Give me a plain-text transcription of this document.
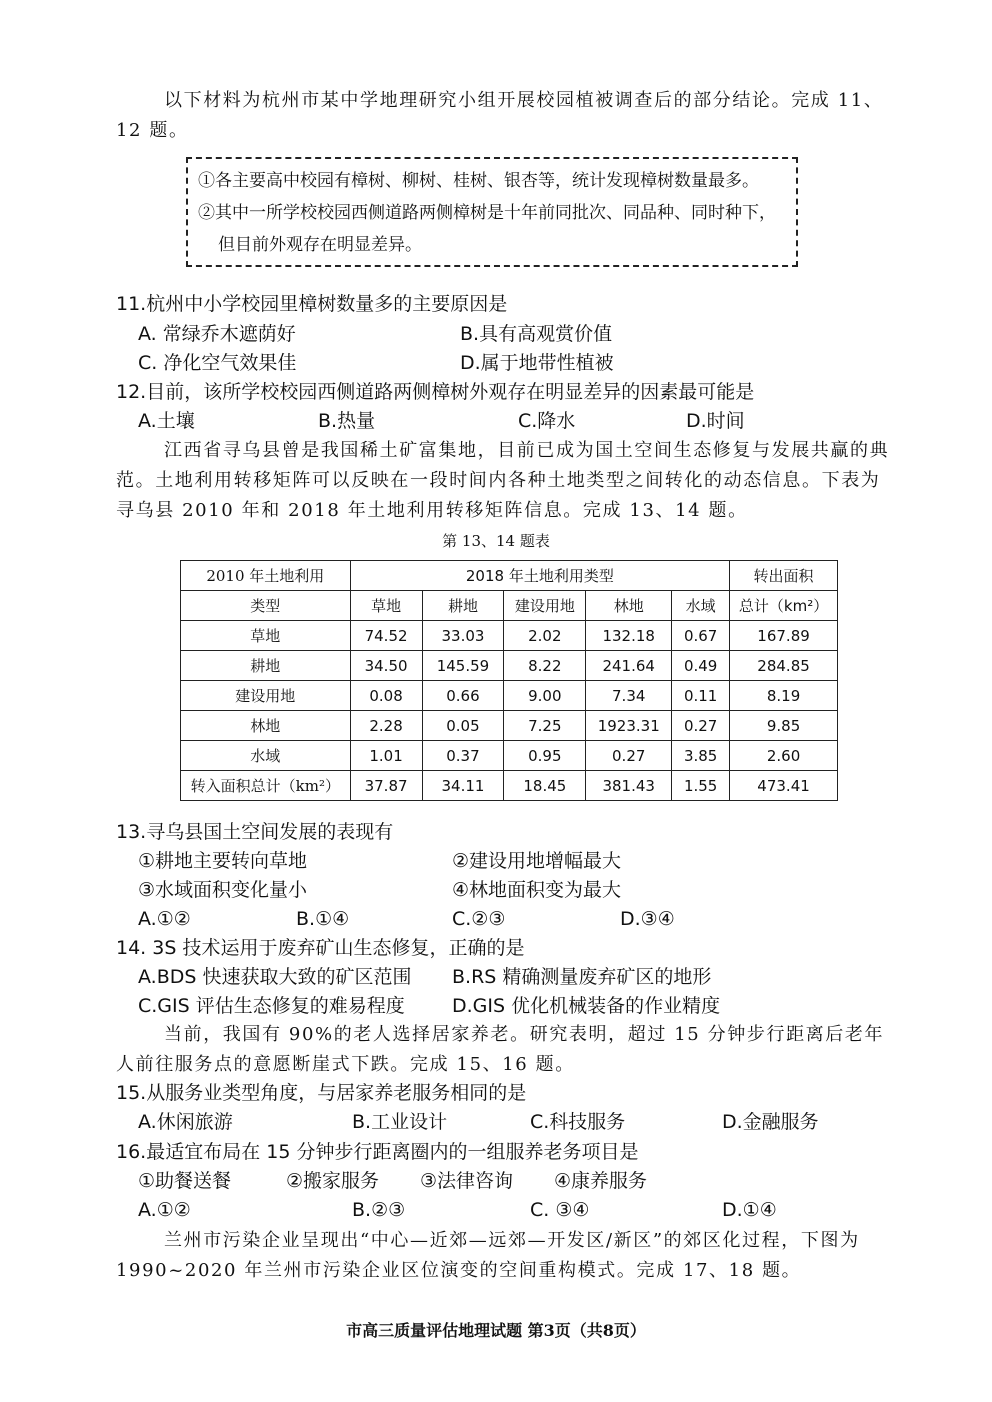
以下材料为杭州市某中学地理研究小组开展校园植被调查后的部分结论。完成 11、12 题。
①各主要高中校园有樟树、柳树、桂树、银杏等，统计发现樟树数量最多。
②其中一所学校校园西侧道路两侧樟树是十年前同批次、同品种、同时种下，但目前外观存在明显差异。
11.杭州中小学校园里樟树数量多的主要原因是
A. 常绿乔木遮荫好	B.具有高观赏价值
C. 净化空气效果佳	D.属于地带性植被
12.目前，该所学校校园西侧道路两侧樟树外观存在明显差异的因素最可能是
A.土壤	B.热量	C.降水	D.时间
江西省寻乌县曾是我国稀土矿富集地，目前已成为国土空间生态修复与发展共赢的典范。土地利用转移矩阵可以反映在一段时间内各种土地类型之间转化的动态信息。下表为寻乌县 2010 年和 2018 年土地利用转移矩阵信息。完成 13、14 题。
第 13、14 题表
2010 年土地利用	2018 年土地利用类型					转出面积
类型	草地	耕地	建设用地	林地	水域	总计（km²）
草地	74.52	33.03	2.02	132.18	0.67	167.89
耕地	34.50	145.59	8.22	241.64	0.49	284.85
建设用地	0.08	0.66	9.00	7.34	0.11	8.19
林地	2.28	0.05	7.25	1923.31	0.27	9.85
水域	1.01	0.37	0.95	0.27	3.85	2.60
转入面积总计（km²）	37.87	34.11	18.45	381.43	1.55	473.41
13.寻乌县国土空间发展的表现有
①耕地主要转向草地	②建设用地增幅最大
③水域面积变化量小	④林地面积变为最大
A.①②	B.①④	C.②③	D.③④
14. 3S 技术运用于废弃矿山生态修复，正确的是
A.BDS 快速获取大致的矿区范围 B.RS 精确测量废弃矿区的地形
C.GIS 评估生态修复的难易程度 D.GIS 优化机械装备的作业精度
当前，我国有 90%的老人选择居家养老。研究表明，超过 15 分钟步行距离后老年人前往服务点的意愿断崖式下跌。完成 15、16 题。
15.从服务业类型角度，与居家养老服务相同的是
A.休闲旅游	B.工业设计	C.科技服务	D.金融服务
16.最适宜布局在 15 分钟步行距离圈内的一组服养老务项目是
①助餐送餐	②搬家服务 ③法律咨询 ④康养服务
A.①②	B.②③	C. ③④	D.①④
兰州市污染企业呈现出“中心—近郊—远郊—开发区/新区”的郊区化过程，下图为 1990~2020 年兰州市污染企业区位演变的空间重构模式。完成 17、18 题。
市高三质量评估地理试题 第3页（共8页）
